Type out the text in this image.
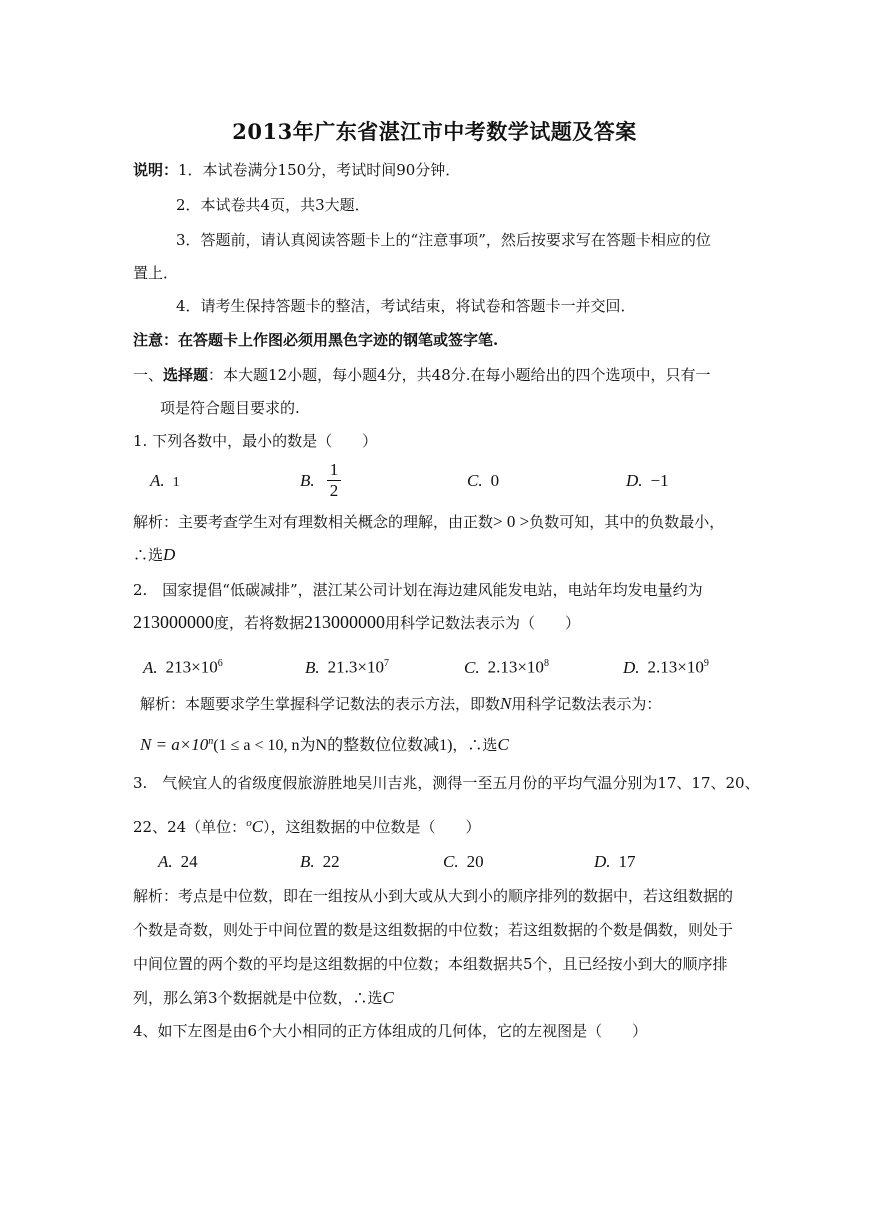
2013年广东省湛江市中考数学试题及答案
说明：1．本试卷满分150分，考试时间90分钟．
2．本试卷共4页，共3大题．
3．答题前，请认真阅读答题卡上的“注意事项”，然后按要求写在答题卡相应的位
置上．
4．请考生保持答题卡的整洁，考试结束，将试卷和答题卡一并交回．
注意：在答题卡上作图必须用黑色字迹的钢笔或签字笔.
一、选择题：本大题12小题，每小题4分，共48分.在每小题给出的四个选项中，只有一
项是符合题目要求的.
1. 下列各数中，最小的数是（　　）
A. 1	B.
1
2
C. 0	D. −1
解析：主要考查学生对有理数相关概念的理解，由正数> 0 >负数可知，其中的负数最小，
∴选D
2.　国家提倡“低碳减排”，湛江某公司计划在海边建风能发电站，电站年均发电量约为
213000000度，若将数据213000000用科学记数法表示为（　　）
A. $213\times 10^6$	B. $21.3\times 10^7$	C. $2.13\times 10^8$	D. $2.13\times 10^9$
解析：本题要求学生掌握科学记数法的表示方法，即数N用科学记数法表示为：
$N = a\times 10^n(1 \le a < 10$, n为N的整数位位数减1)，∴选C
3.　气候宜人的省级度假旅游胜地吴川吉兆，测得一至五月份的平均气温分别为17、17、20、
22、24（单位：$^o$C），这组数据的中位数是（　　）
A. 24	B. 22	C. 20	D. 17
解析：考点是中位数，即在一组按从小到大或从大到小的顺序排列的数据中，若这组数据的
个数是奇数，则处于中间位置的数是这组数据的中位数；若这组数据的个数是偶数，则处于
中间位置的两个数的平均是这组数据的中位数；本组数据共5个，且已经按小到大的顺序排
列，那么第3个数据就是中位数，∴选C
4、如下左图是由6个大小相同的正方体组成的几何体，它的左视图是（　　）
